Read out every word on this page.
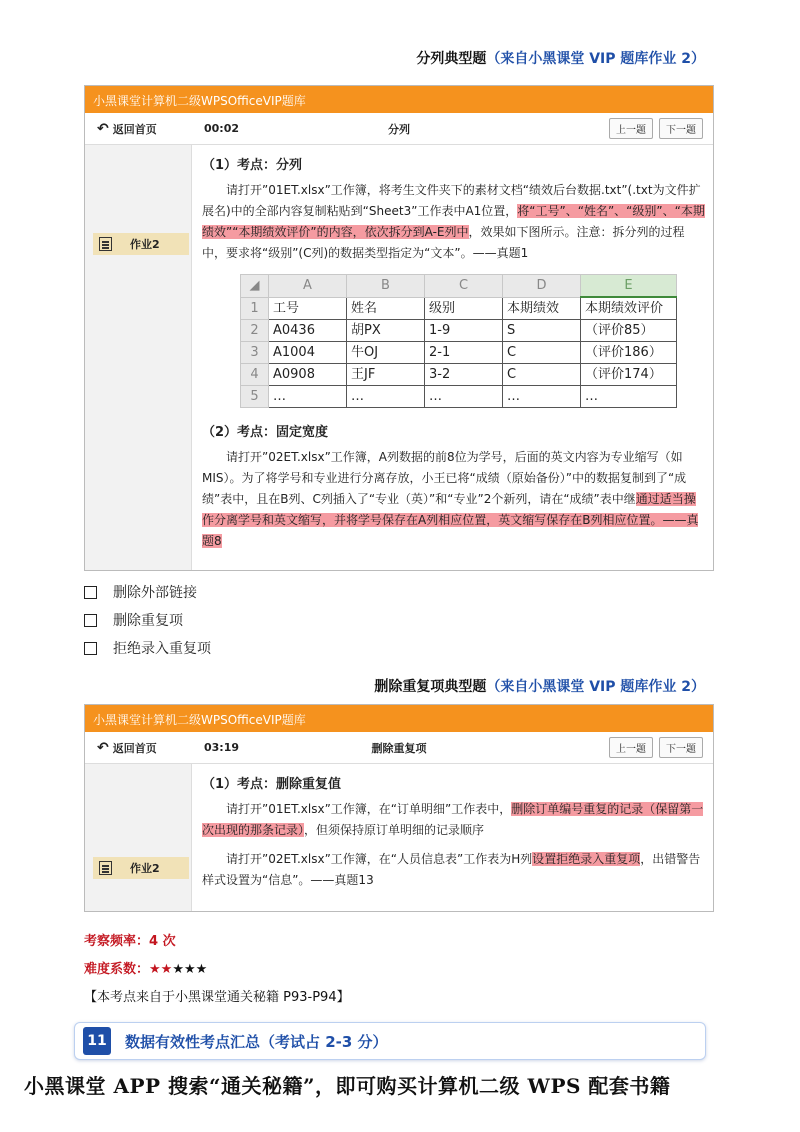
分列典型题（来自小黑课堂 VIP 题库作业 2）
小黑课堂计算机二级WPSOfficeVIP题库
↶ 返回首页	00:02	分列	上一题	下一题
作业2
（1）考点：分列
请打开”01ET.xlsx”工作簿，将考生文件夹下的素材文档“绩效后台数据.txt”(.txt为文件扩展名)中的全部内容复制粘贴到“Sheet3”工作表中A1位置，将“工号”、“姓名”、“级别”、“本期绩效”“本期绩效评价”的内容，依次拆分到A-E列中，效果如下图所示。注意：拆分列的过程中，要求将“级别”(C列)的数据类型指定为“文本”。——真题1
◢	A	B	C	D	E
1	工号	姓名	级别	本期绩效	本期绩效评价
2	A0436	胡PX	1-9	S	（评价85）
3	A1004	牛OJ	2-1	C	（评价186）
4	A0908	王JF	3-2	C	（评价174）
5	…	…	…	…	…
（2）考点：固定宽度
请打开”02ET.xlsx”工作簿，A列数据的前8位为学号，后面的英文内容为专业缩写（如MIS）。为了将学号和专业进行分离存放，小王已将“成绩（原始备份）”中的数据复制到了“成绩”表中，且在B列、C列插入了“专业（英）”和“专业”2个新列，请在“成绩”表中继通过适当操作分离学号和英文缩写，并将学号保存在A列相应位置，英文缩写保存在B列相应位置。——真题8
删除外部链接
删除重复项
拒绝录入重复项
删除重复项典型题（来自小黑课堂 VIP 题库作业 2）
小黑课堂计算机二级WPSOfficeVIP题库
↶ 返回首页	03:19	删除重复项	上一题	下一题
作业2
（1）考点：删除重复值
请打开”01ET.xlsx”工作簿，在“订单明细”工作表中，删除订单编号重复的记录（保留第一次出现的那条记录），但须保持原订单明细的记录顺序
请打开”02ET.xlsx”工作簿，在“人员信息表”工作表为H列设置拒绝录入重复项，出错警告样式设置为“信息”。——真题13
考察频率：4 次
难度系数：★★★★★
【本考点来自于小黑课堂通关秘籍 P93-P94】
11 数据有效性考点汇总（考试占 2-3 分）
小黑课堂 APP 搜索“通关秘籍”，即可购买计算机二级 WPS 配套书籍
